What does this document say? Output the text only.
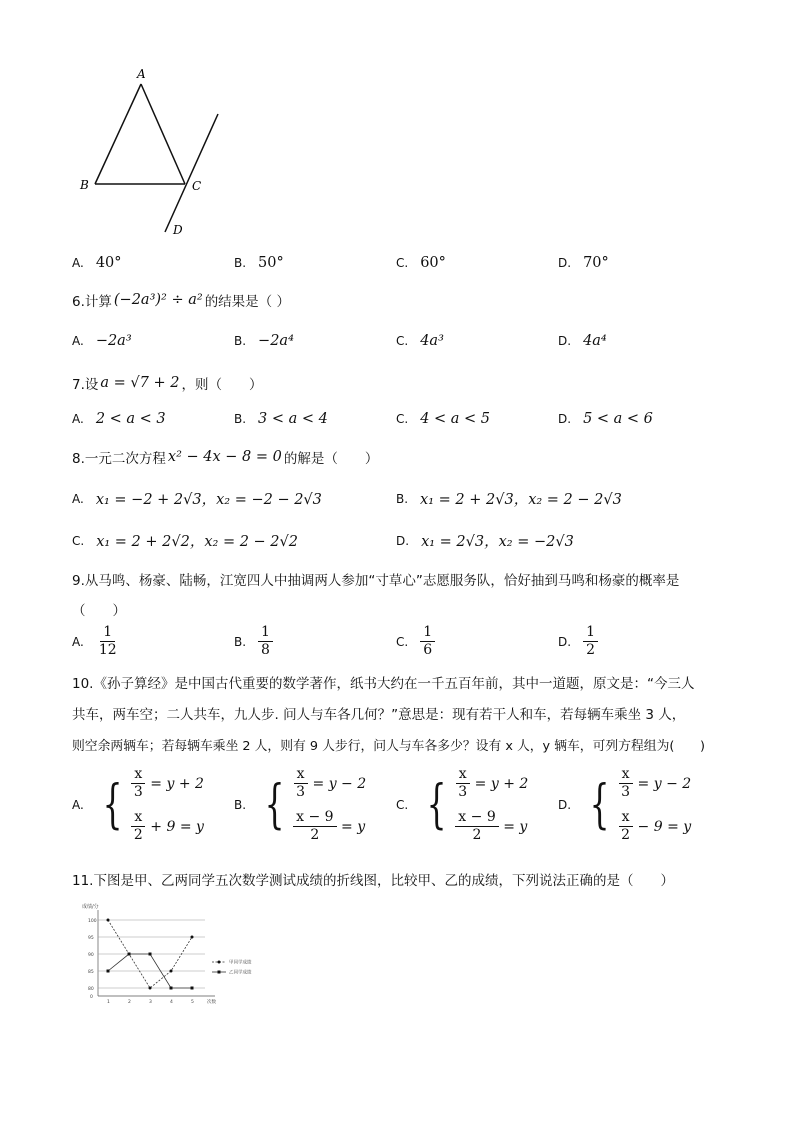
A
B	C
D
A. 40°	B. 50°	C. 60°	D. 70°
6.计算 (−2a³)² ÷ a² 的结果是（ ）
A. −2a³	B. −2a⁴	C. 4a³	D. 4a⁴
7.设 a = √7 + 2 ，则（　　）
A. 2 < a < 3	B. 3 < a < 4	C. 4 < a < 5	D. 5 < a < 6
8.一元二次方程 x² − 4x − 8 = 0 的解是（　　）
A. x₁ = −2 + 2√3，x₂ = −2 − 2√3	B. x₁ = 2 + 2√3，x₂ = 2 − 2√3
C. x₁ = 2 + 2√2，x₂ = 2 − 2√2	D. x₁ = 2√3，x₂ = −2√3
9.从马鸣、杨豪、陆畅，江宽四人中抽调两人参加“寸草心”志愿服务队，恰好抽到马鸣和杨豪的概率是
（　　）
A. $\frac{1}{12}$	B. $\frac{1}{8}$	C. $\frac{1}{6}$	D. $\frac{1}{2}$
10.《孙子算经》是中国古代重要的数学著作，纸书大约在一千五百年前，其中一道题，原文是：“今三人
共车，两车空；二人共车，九人步. 问人与车各几何？”意思是：现有若干人和车，若每辆车乘坐 3 人，
则空余两辆车；若每辆车乘坐 2 人，则有 9 人步行，问人与车各多少？设有 x 人，y 辆车，可列方程组为(　　)
A. { $\frac{x}{3}$
= y + 2
$\frac{x}{2}$
+ 9 = y
B. { $\frac{x}{3}$
= y − 2
$\frac{x - 9}{2}$
= y
C. { $\frac{x}{3}$
= y + 2
$\frac{x - 9}{2}$
= y
D. { $\frac{x}{3}$
= y − 2
$\frac{x}{2}$
− 9 = y
11.下图是甲、乙两同学五次数学测试成绩的折线图，比较甲、乙的成绩，下列说法正确的是（　　）
成绩/分
100
95
90
85
80
0
1	2	3	4	5	次数
甲同学成绩
乙同学成绩
